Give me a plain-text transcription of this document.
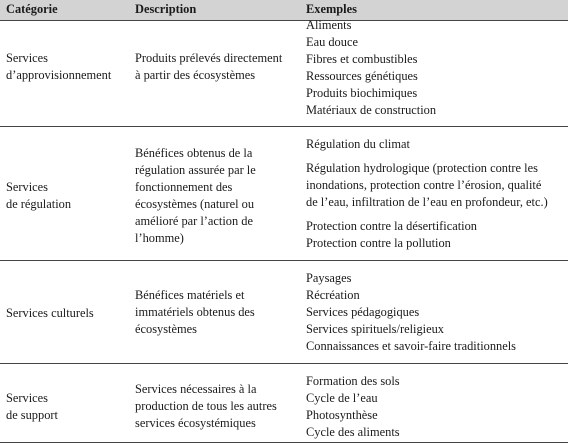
Catégorie	Description	Exemples
Services
d’approvisionnement
Produits prélevés directement
à partir des écosystèmes
Aliments
Eau douce
Fibres et combustibles
Ressources génétiques
Produits biochimiques
Matériaux de construction
Services
de régulation
Bénéfices obtenus de la
régulation assurée par le
fonctionnement des
écosystèmes (naturel ou
amélioré par l’action de
l’homme)
Régulation du climat
Régulation hydrologique (protection contre les
inondations, protection contre l’érosion, qualité
de l’eau, infiltration de l’eau en profondeur, etc.)
Protection contre la désertification
Protection contre la pollution
Services culturels
Bénéfices matériels et
immatériels obtenus des
écosystèmes
Paysages
Récréation
Services pédagogiques
Services spirituels/religieux
Connaissances et savoir-faire traditionnels
Services
de support
Services nécessaires à la
production de tous les autres
services écosystémiques
Formation des sols
Cycle de l’eau
Photosynthèse
Cycle des aliments
